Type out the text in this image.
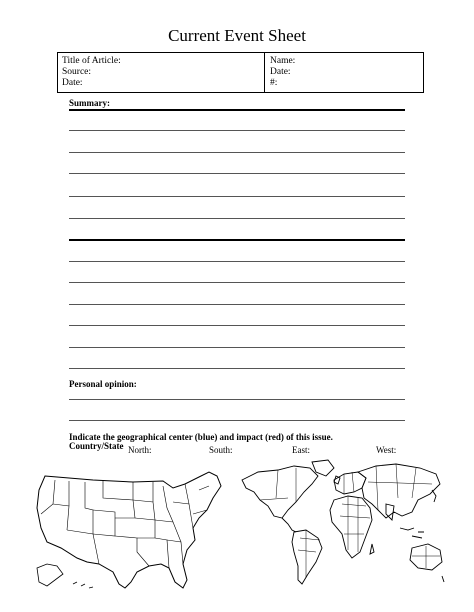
Current Event Sheet
Title of Article:
Source:
Date:
Name:
Date:
#:
Summary:
Personal opinion:
Indicate the geographical center (blue) and impact (red) of this issue.
Country/State North:	South:	East:	West:
